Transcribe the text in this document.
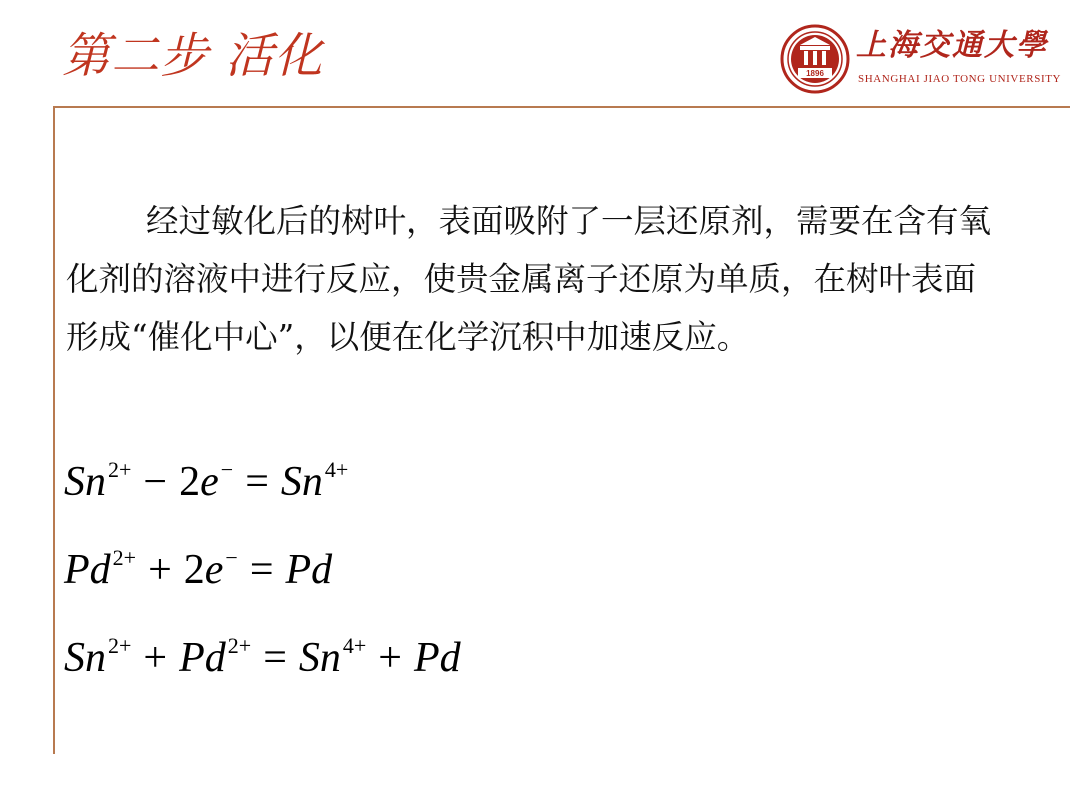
第二步 活化	1896
上海交通大學
SHANGHAI JIAO TONG UNIVERSITY

经过敏化后的树叶，表面吸附了一层还原剂，需要在含有氧化剂的溶液中进行反应，使贵金属离子还原为单质，在树叶表面形成“催化中心”，以便在化学沉积中加速反应。

$Sn^{2+} - 2e^- = Sn^{4+}$
$Pd^{2+} + 2e^- = Pd$
$Sn^{2+} + Pd^{2+} = Sn^{4+} + Pd$
